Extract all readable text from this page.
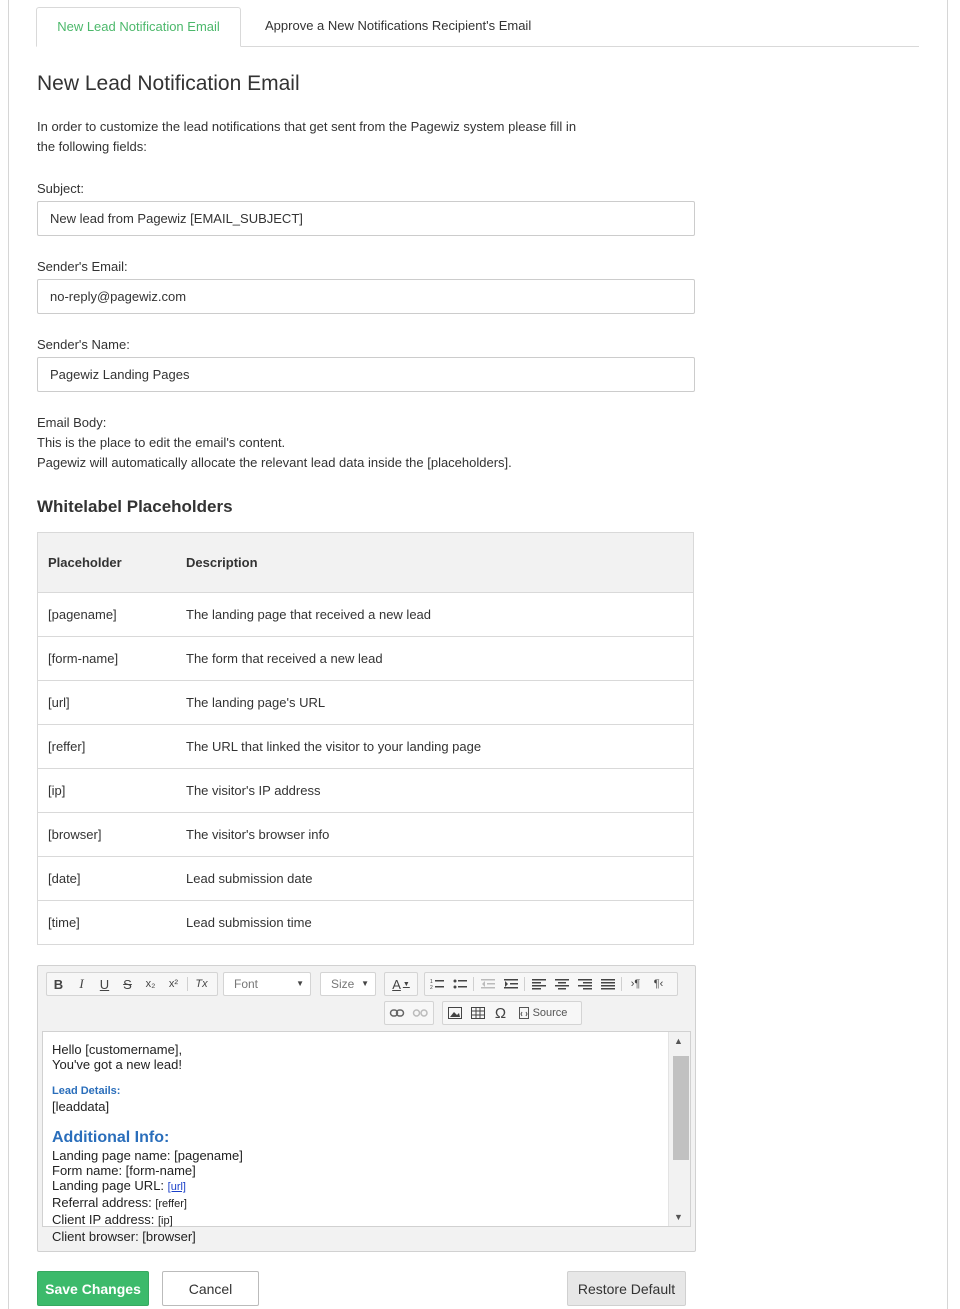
New Lead Notification Email	Approve a New Notifications Recipient's Email
New Lead Notification Email
In order to customize the lead notifications that get sent from the Pagewiz system please fill in
the following fields:
Subject:
New lead from Pagewiz [EMAIL_SUBJECT]
Sender's Email:
no-reply@pagewiz.com
Sender's Name:
Pagewiz Landing Pages
Email Body:
This is the place to edit the email's content.
Pagewiz will automatically allocate the relevant lead data inside the [placeholders].
Whitelabel Placeholders
Placeholder	Description
[pagename]	The landing page that received a new lead
[form-name]	The form that received a new lead
[url]	The landing page's URL
[reffer]	The URL that linked the visitor to your landing page
[ip]	The visitor's IP address
[browser]	The visitor's browser info
[date]	Lead submission date
[time]	Lead submission time
B	I	U	S	x₂	x²	Tx	Font	▼	Size ▼ A ▼	1
2	›¶	¶‹
Ω	Source
Hello [customername],
You've got a new lead!
Lead Details:
[leaddata]
Additional Info:
Landing page name: [pagename]
Form name: [form-name]
Landing page URL: [url]
Referral address: [reffer]
Client IP address: [ip]
Client browser: [browser]
▲
▼
Save Changes	Cancel	Restore Default
